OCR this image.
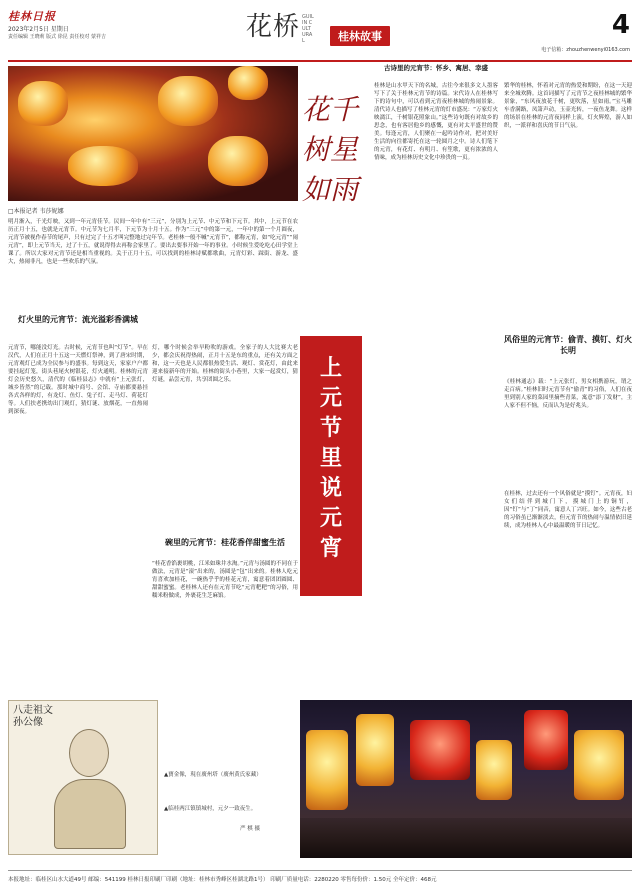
桂林日报
2023年2月5日 星期日
责任编辑 王晓莉 版式 徐昆 责任校对 蒙祥吉	花桥 GUILIN CULTURAL	桂林故事	4
电子信箱：zhouzhenwenyi0163.com
□本报记者 韦莎妮娜
花千树星如雨
上
元
节
里
说
元
宵
明月渐入，千光灯映，又到一年元宵佳节。民间一年中有“三元”，分别为上元节、中元节和下元节。其中，上元节在农历正月十五，也就是元宵节。中元节为七月半，下元节为十月十五。作为“三元”中的第一元，一年中的第一个月圆夜，元宵节被视作春节的尾声，只有过完了十五才叫完整地过完年节。老桂林一般不喊“元宵节”，都称元宵，如“吃元宵”“闹元宵”，即上元节当天，过了十五，就说得得去再称会家里了。要出去要事开始一年的事业。小时候生爱吃吃心田学堂上课了。所以大家对元宵节还是相当重视的。关于正月十五，可以找到的桂林诗赋都歌曲，元宵灯彩、踩街、游龙、盛大，热闹非凡，也是一些欢乐的气氛。
灯火里的元宵节：流光溢彩香满城
元宵节，哪能没灯光。古时候，元宵节也叫“灯节”。早在汉代，人们在正月十五这一天燃灯祭神，到了唐宋时期，元宵观灯已成为全民参与的盛事。每到这天，家家户户都要挂起灯笼，街头巷尾火树银花，灯火通明。桂林的元宵灯会历史悠久，清代的《临桂县志》中就有“上元张灯，城乡皆然”的记载。那时城中商号、会馆、寺庙都要悬挂各式各样的灯，有龙灯、鱼灯、兔子灯、走马灯、荷花灯等。人们扶老携幼出门观灯，猜灯谜、放烟花，一直热闹到深夜。
灯，哪个时候会举早粉吹的游戏。全家子的人大比赛大老少，都会庆祝得热闹，正月十五是东的重点，还有关方面之和，这一天也是人民都很热爱生活、观灯、赏花灯，由此来迎来接新年的开始。桂林的街头小巷里，大家一起赏灯，猜灯谜，品尝元宵，共享团圆之乐。
碗里的元宵节：桂花香伴甜蜜生活
“桂花香馅裹胡桃，江米如珠井水淘。”元宵与汤圆的不同在于做法，元宵是“滚”出来的，汤圆是“包”出来的。桂林人吃元宵喜欢加桂花，一碗热乎乎的桂花元宵，寓意着团团圆圆、甜甜蜜蜜。老桂林人还有在元宵节吃“元宵粑粑”的习俗，用糯米粉做成，外裹花生芝麻馅。
古诗里的元宵节：怀乡、寓居、幸盛
桂林是山水甲天下的名城，古往今来很多文人墨客写下了关于桂林元宵节的诗篇。宋代诗人在桂林写下的诗句中，可以看到元宵夜桂林城的热闹景象。清代诗人也描写了桂林元宵的灯市盛况：“万家灯火映漓江，千树银花照象山。”这些诗句既有对故乡的思念，也有客居他乡的感慨，更有对太平盛世的赞美。每逢元宵，人们聚在一起吟诗作对，把对美好生活的向往都寄托在这一轮圆月之中。诗人们笔下的元宵，有花灯、有明月、有笙歌，更有浓浓的人情味，成为桂林历史文化中珍贵的一页。
繁华的桂林，怀着对元宵的热爱和期盼，在这一天迎来全城欢腾。这首词描写了元宵节之夜桂林城的繁华景象，“东风夜放花千树，更吹落，星如雨。”宝马雕车香满路，凤箫声动，玉壶光转，一夜鱼龙舞。这样的场景在桂林的元宵夜同样上演，灯火辉煌，游人如织，一派祥和喜庆的节日气氛。
风俗里的元宵节：偷青、摸钉、灯火长明
《桂林通志》载：“上元张灯，男女相携游玩，谓之走百病。”桂林旧时元宵节有“偷青”的习俗，人们在夜里到别人家的菜园里摘些青菜，寓意“添丁发财”，主人家不但不恼，反而认为是好兆头。
在桂林，过去还有一个风俗就是“摸钉”。元宵夜，妇女们结伴到城门下，摸城门上的铜钉，因“钉”与“丁”同音，寓意人丁兴旺。如今，这些古老的习俗虽已渐渐淡去，但元宵节的热闹与温情依旧延续，成为桂林人心中最温暖的节日记忆。
八走祖文孙公像
▲寶金像，現在廣州塔（廣州黄氏家藏）
▲临桂两江镇镇城村，元夕一致夜生。
严 棋 摄
本报地址：临桂区山水大道49号 邮编：541199 桂林日报印刷厂印刷（地址：桂林市秀峰区桂湖北路1号） 印刷厂质量电话：2280220 零售每份价：1.50元 全年定价：468元
